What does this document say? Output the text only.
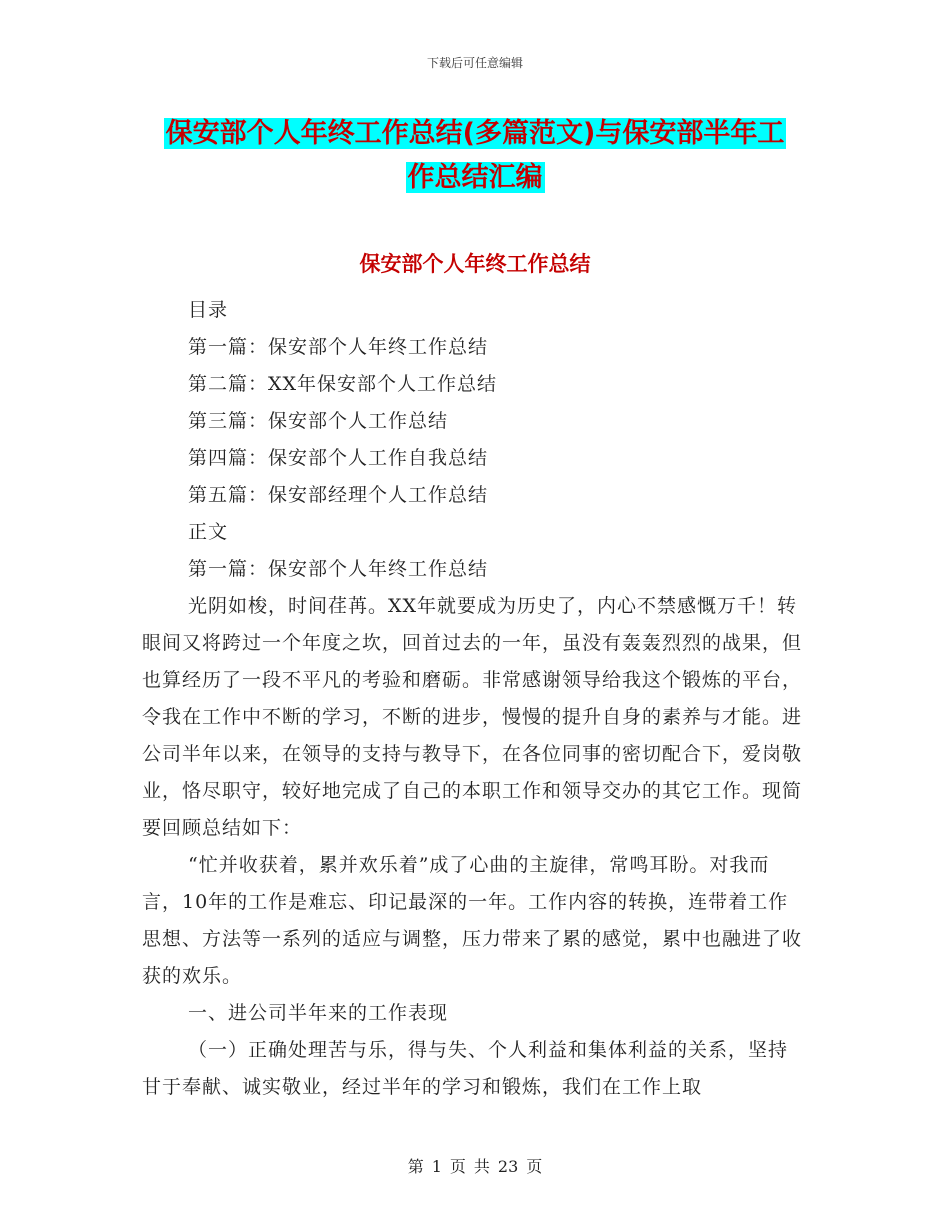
下载后可任意编辑
保安部个人年终工作总结(多篇范文)与保安部半年工
作总结汇编
保安部个人年终工作总结

目录

第一篇：保安部个人年终工作总结

第二篇：XX年保安部个人工作总结

第三篇：保安部个人工作总结

第四篇：保安部个人工作自我总结

第五篇：保安部经理个人工作总结

正文

第一篇：保安部个人年终工作总结

光阴如梭，时间荏苒。XX年就要成为历史了，内心不禁感慨万千！转眼间又将跨过一个年度之坎，回首过去的一年，虽没有轰轰烈烈的战果，但也算经历了一段不平凡的考验和磨砺。非常感谢领导给我这个锻炼的平台，令我在工作中不断的学习，不断的进步，慢慢的提升自身的素养与才能。进公司半年以来，在领导的支持与教导下，在各位同事的密切配合下，爱岗敬业，恪尽职守，较好地完成了自己的本职工作和领导交办的其它工作。现简要回顾总结如下：

“忙并收获着，累并欢乐着”成了心曲的主旋律，常鸣耳盼。对我而言，10年的工作是难忘、印记最深的一年。工作内容的转换，连带着工作思想、方法等一系列的适应与调整，压力带来了累的感觉，累中也融进了收获的欢乐。

一、进公司半年来的工作表现

（一）正确处理苦与乐，得与失、个人利益和集体利益的关系，坚持甘于奉献、诚实敬业，经过半年的学习和锻炼，我们在工作上取

第 1 页 共 23 页
